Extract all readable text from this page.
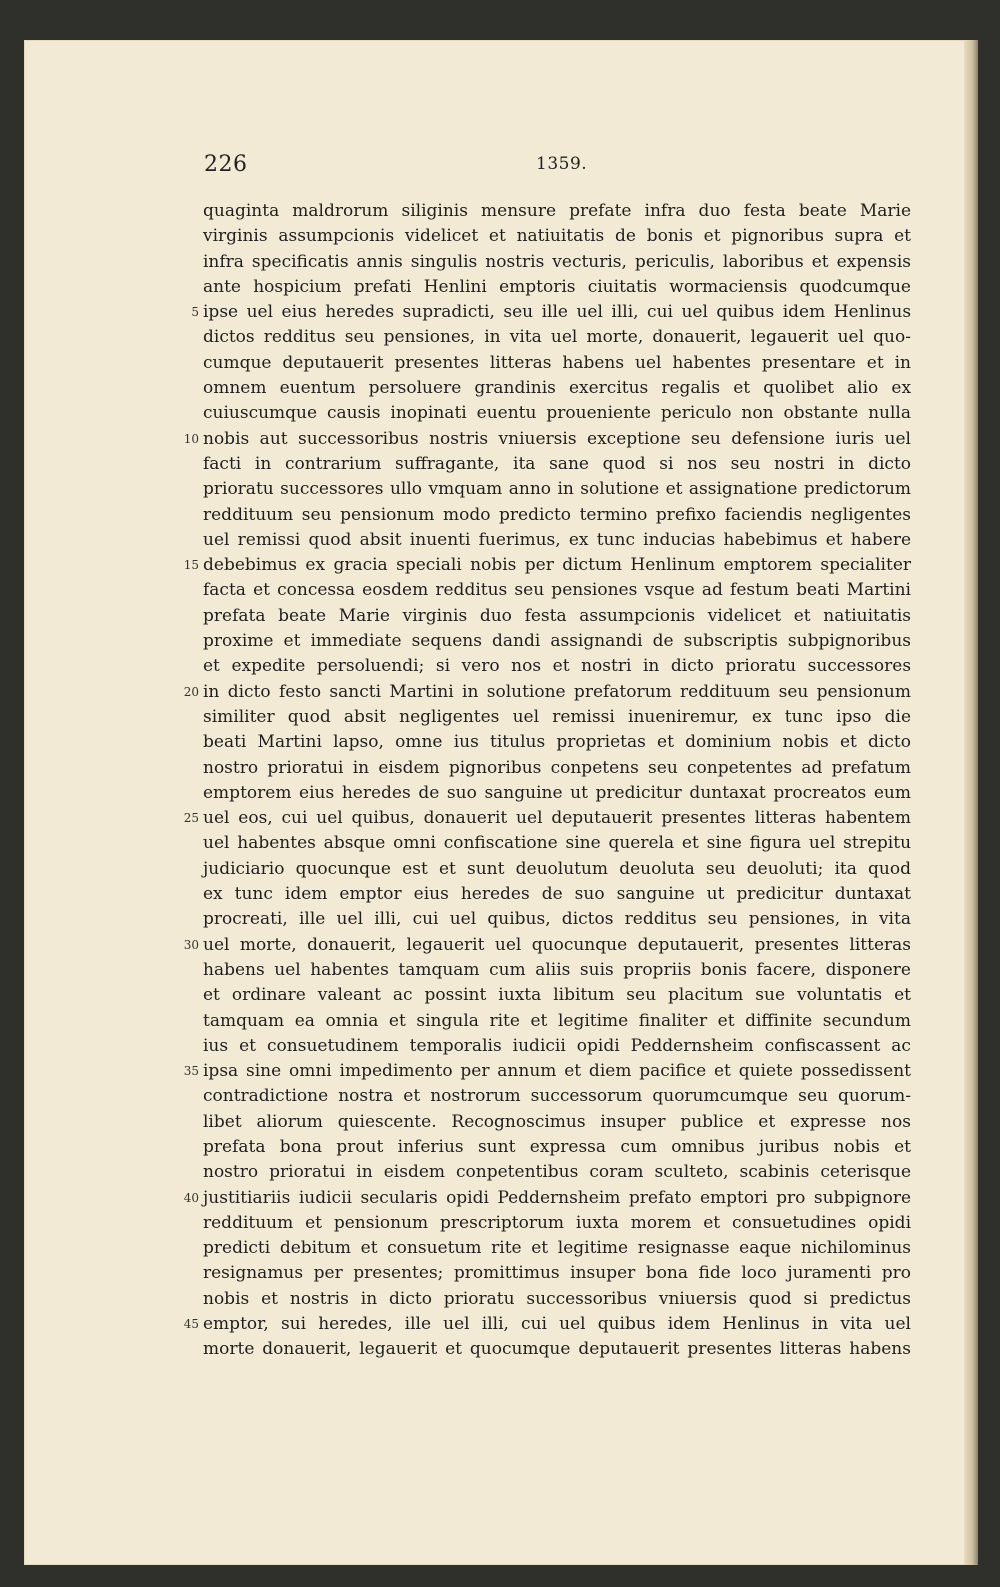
226	1359.
quaginta maldrorum siliginis mensure prefate infra duo festa beate Marie
virginis assumpcionis videlicet et natiuitatis de bonis et pignoribus supra et
infra specificatis annis singulis nostris vecturis, periculis, laboribus et expensis
ante hospicium prefati Henlini emptoris ciuitatis wormaciensis quodcumque
5 ipse uel eius heredes supradicti, seu ille uel illi, cui uel quibus idem Henlinus
dictos redditus seu pensiones, in vita uel morte, donauerit, legauerit uel quo-
cumque deputauerit presentes litteras habens uel habentes presentare et in
omnem euentum persoluere grandinis exercitus regalis et quolibet alio ex
cuiuscumque causis inopinati euentu proueniente periculo non obstante nulla
10 nobis aut successoribus nostris vniuersis exceptione seu defensione iuris uel
facti in contrarium suffragante, ita sane quod si nos seu nostri in dicto
prioratu successores ullo vmquam anno in solutione et assignatione predictorum
reddituum seu pensionum modo predicto termino prefixo faciendis negligentes
uel remissi quod absit inuenti fuerimus, ex tunc inducias habebimus et habere
15 debebimus ex gracia speciali nobis per dictum Henlinum emptorem specialiter
facta et concessa eosdem redditus seu pensiones vsque ad festum beati Martini
prefata beate Marie virginis duo festa assumpcionis videlicet et natiuitatis
proxime et immediate sequens dandi assignandi de subscriptis subpignoribus
et expedite persoluendi; si vero nos et nostri in dicto prioratu successores
20 in dicto festo sancti Martini in solutione prefatorum reddituum seu pensionum
similiter quod absit negligentes uel remissi inueniremur, ex tunc ipso die
beati Martini lapso, omne ius titulus proprietas et dominium nobis et dicto
nostro prioratui in eisdem pignoribus conpetens seu conpetentes ad prefatum
emptorem eius heredes de suo sanguine ut predicitur duntaxat procreatos eum
25 uel eos, cui uel quibus, donauerit uel deputauerit presentes litteras habentem
uel habentes absque omni confiscatione sine querela et sine figura uel strepitu
judiciario quocunque est et sunt deuolutum deuoluta seu deuoluti; ita quod
ex tunc idem emptor eius heredes de suo sanguine ut predicitur duntaxat
procreati, ille uel illi, cui uel quibus, dictos redditus seu pensiones, in vita
30 uel morte, donauerit, legauerit uel quocunque deputauerit, presentes litteras
habens uel habentes tamquam cum aliis suis propriis bonis facere, disponere
et ordinare valeant ac possint iuxta libitum seu placitum sue voluntatis et
tamquam ea omnia et singula rite et legitime finaliter et diffinite secundum
ius et consuetudinem temporalis iudicii opidi Peddernsheim confiscassent ac
35 ipsa sine omni impedimento per annum et diem pacifice et quiete possedissent
contradictione nostra et nostrorum successorum quorumcumque seu quorum-
libet aliorum quiescente. Recognoscimus insuper publice et expresse nos
prefata bona prout inferius sunt expressa cum omnibus juribus nobis et
nostro prioratui in eisdem conpetentibus coram sculteto, scabinis ceterisque
40 justitiariis iudicii secularis opidi Peddernsheim prefato emptori pro subpignore
reddituum et pensionum prescriptorum iuxta morem et consuetudines opidi
predicti debitum et consuetum rite et legitime resignasse eaque nichilominus
resignamus per presentes; promittimus insuper bona fide loco juramenti pro
nobis et nostris in dicto prioratu successoribus vniuersis quod si predictus
45 emptor, sui heredes, ille uel illi, cui uel quibus idem Henlinus in vita uel
morte donauerit, legauerit et quocumque deputauerit presentes litteras habens
